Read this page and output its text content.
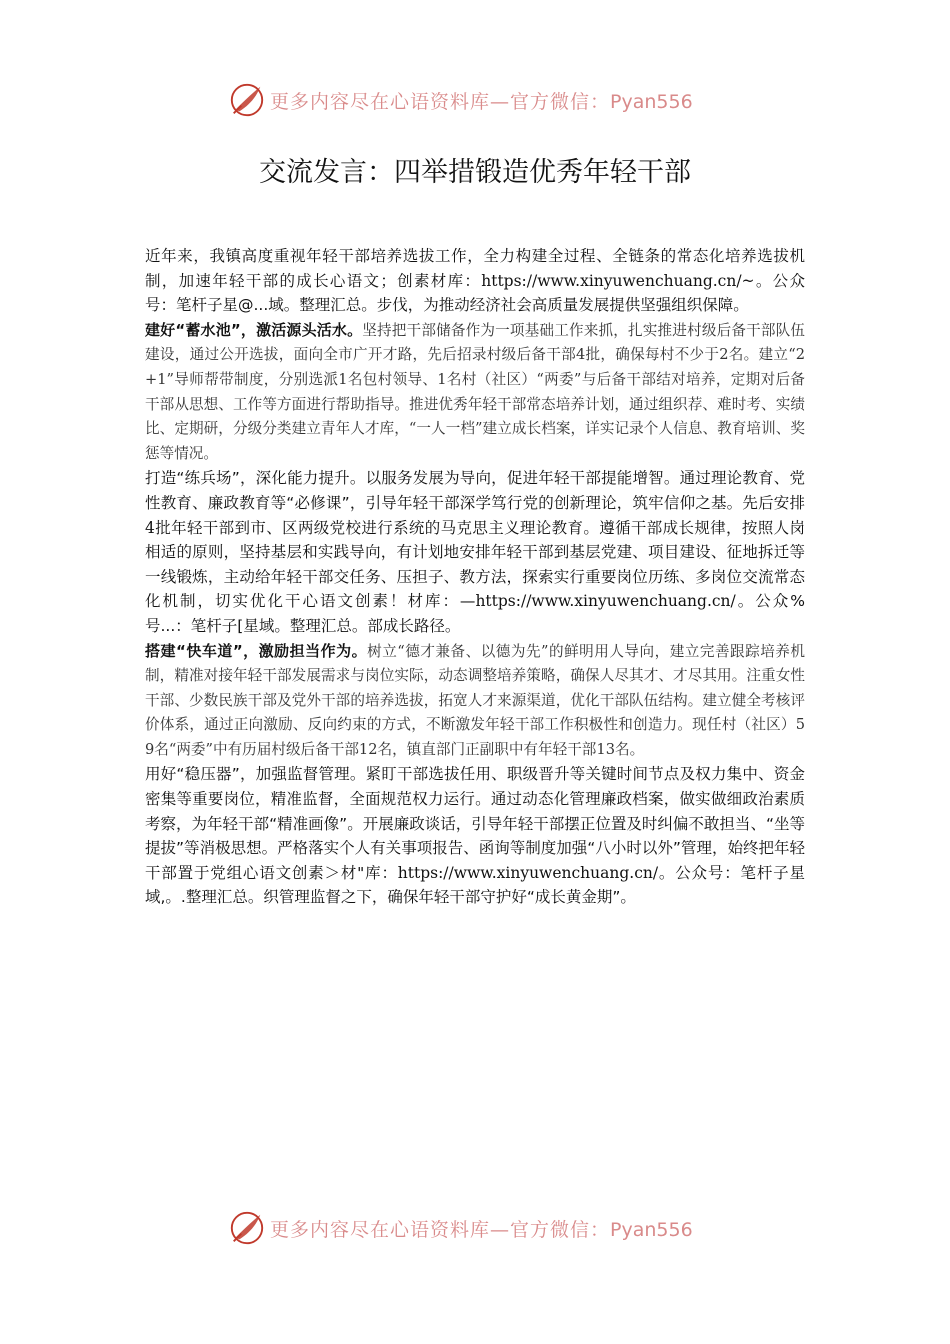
更多内容尽在心语资料库—官方微信：Pyan556
交流发言：四举措锻造优秀年轻干部

近年来，我镇高度重视年轻干部培养选拔工作，全力构建全过程、全链条的常态化培养选拔机制，加速年轻干部的成长心语文；创素材库：https://www.xinyuwenchuang.cn/~。公众号：笔杆子星@...域。整理汇总。步伐，为推动经济社会高质量发展提供坚强组织保障。

建好“蓄水池”，激活源头活水。坚持把干部储备作为一项基础工作来抓，扎实推进村级后备干部队伍建设，通过公开选拔，面向全市广开才路，先后招录村级后备干部4批，确保每村不少于2名。建立“2+1”导师帮带制度，分别选派1名包村领导、1名村（社区）“两委”与后备干部结对培养，定期对后备干部从思想、工作等方面进行帮助指导。推进优秀年轻干部常态培养计划，通过组织荐、难时考、实绩比、定期研，分级分类建立青年人才库，“一人一档”建立成长档案，详实记录个人信息、教育培训、奖惩等情况。

打造“练兵场”，深化能力提升。以服务发展为导向，促进年轻干部提能增智。通过理论教育、党性教育、廉政教育等“必修课”，引导年轻干部深学笃行党的创新理论，筑牢信仰之基。先后安排4批年轻干部到市、区两级党校进行系统的马克思主义理论教育。遵循干部成长规律，按照人岗相适的原则，坚持基层和实践导向，有计划地安排年轻干部到基层党建、项目建设、征地拆迁等一线锻炼，主动给年轻干部交任务、压担子、教方法，探索实行重要岗位历练、多岗位交流常态化机制，切实优化干心语文创素！材库：—https://www.xinyuwenchuang.cn/。公众%号...：笔杆子[星域。整理汇总。部成长路径。

搭建“快车道”，激励担当作为。树立“德才兼备、以德为先”的鲜明用人导向，建立完善跟踪培养机制，精准对接年轻干部发展需求与岗位实际，动态调整培养策略，确保人尽其才、才尽其用。注重女性干部、少数民族干部及党外干部的培养选拔，拓宽人才来源渠道，优化干部队伍结构。建立健全考核评价体系，通过正向激励、反向约束的方式，不断激发年轻干部工作积极性和创造力。现任村（社区）59名“两委”中有历届村级后备干部12名，镇直部门正副职中有年轻干部13名。

用好“稳压器”，加强监督管理。紧盯干部选拔任用、职级晋升等关键时间节点及权力集中、资金密集等重要岗位，精准监督，全面规范权力运行。通过动态化管理廉政档案，做实做细政治素质考察，为年轻干部“精准画像”。开展廉政谈话，引导年轻干部摆正位置及时纠偏不敢担当、“坐等提拔”等消极思想。严格落实个人有关事项报告、函询等制度加强“八小时以外”管理，始终把年轻干部置于党组心语文创素＞材"库：https://www.xinyuwenchuang.cn/。公众号：笔杆子星域,。.整理汇总。织管理监督之下，确保年轻干部守护好“成长黄金期”。

更多内容尽在心语资料库—官方微信：Pyan556
